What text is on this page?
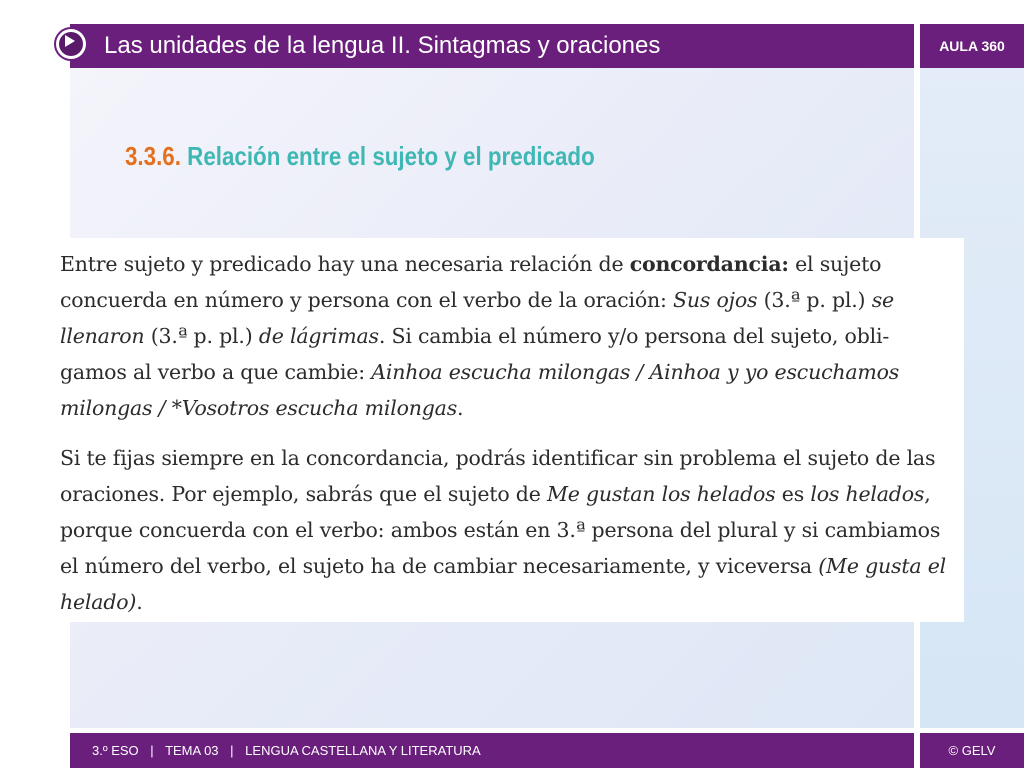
Las unidades de la lengua II. Sintagmas y oraciones	AULA 360
3.3.6. Relación entre el sujeto y el predicado

Entre sujeto y predicado hay una necesaria relación de concordancia: el sujeto concuerda en número y persona con el verbo de la oración: Sus ojos (3.ª p. pl.) se llenaron (3.ª p. pl.) de lágrimas. Si cambia el número y/o persona del sujeto, obli-gamos al verbo a que cambie: Ainhoa escucha milongas / Ainhoa y yo escuchamos milongas / *Vosotros escucha milongas.

Si te fijas siempre en la concordancia, podrás identificar sin problema el sujeto de las oraciones. Por ejemplo, sabrás que el sujeto de Me gustan los helados es los helados, porque concuerda con el verbo: ambos están en 3.ª persona del plural y si cambiamos el número del verbo, el sujeto ha de cambiar necesariamente, y viceversa (Me gusta el helado).

3.º ESO | TEMA 03 | LENGUA CASTELLANA Y LITERATURA	© GELV
